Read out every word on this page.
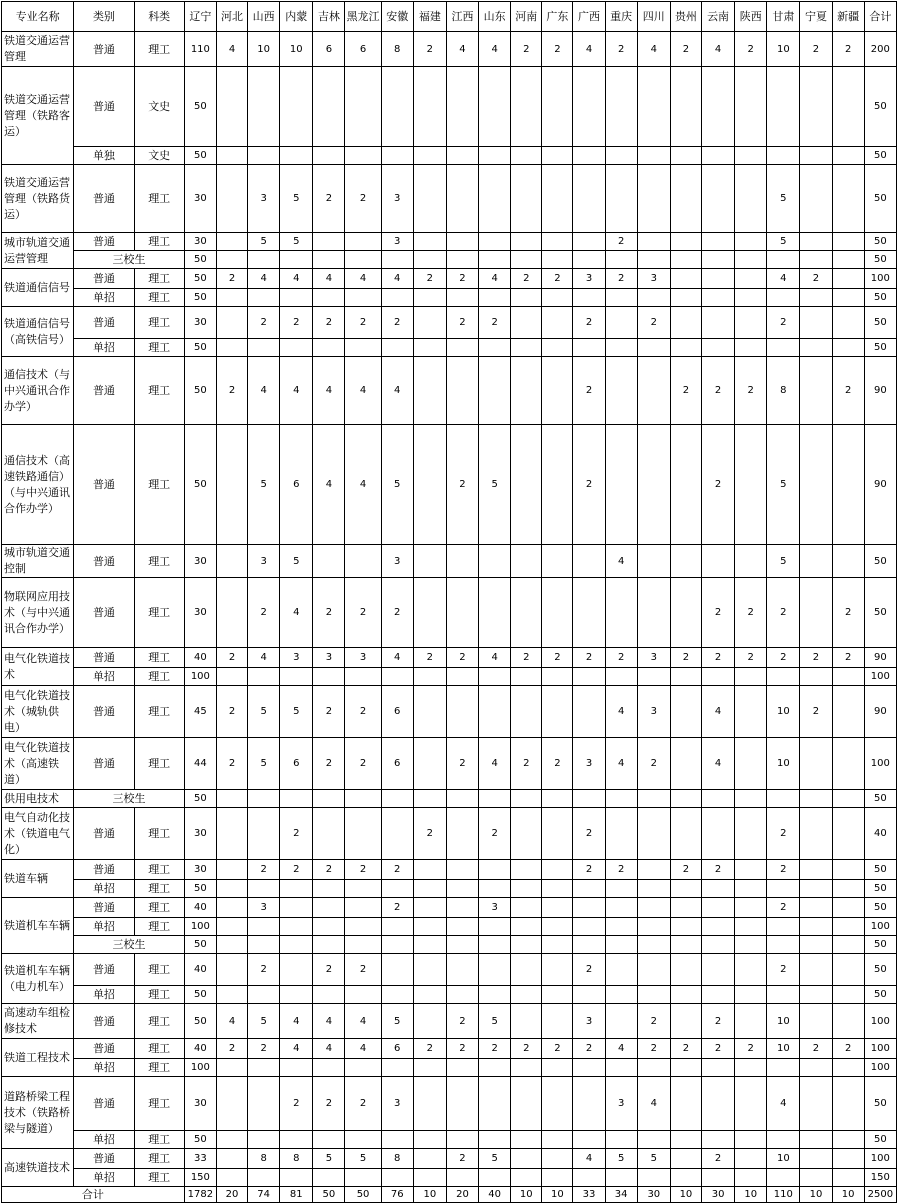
专业名称	类别	科类	辽宁	河北	山西	内蒙	吉林	黑龙江	安徽	福建	江西	山东	河南	广东	广西	重庆	四川	贵州	云南	陕西	甘肃	宁夏	新疆	合计
铁道交通运营管理	普通	理工	110	4	10	10	6	6	8	2	4	4	2	2	4	2	4	2	4	2	10	2	2	200
铁道交通运营管理（铁路客运）	普通	文史	50																					50
	单独	文史	50																					50
铁道交通运营管理（铁路货运）	普通	理工	30		3	5	2	2	3												5			50
城市轨道交通运营管理	普通	理工	30		5	5			3							2					5			50
	三校生		50																					50
铁道通信信号	普通	理工	50	2	4	4	4	4	4	2	2	4	2	2	3	2	3				4	2		100
	单招	理工	50																					50
铁道通信信号（高铁信号）	普通	理工	30		2	2	2	2	2		2	2			2		2				2			50
	单招	理工	50																					50
通信技术（与中兴通讯合作办学）	普通	理工	50	2	4	4	4	4	4						2			2	2	2	8		2	90
通信技术（高速铁路通信）（与中兴通讯合作办学）	普通	理工	50		5	6	4	4	5		2	5			2				2		5			90
城市轨道交通控制	普通	理工	30		3	5			3							4					5			50
物联网应用技术（与中兴通讯合作办学）	普通	理工	30		2	4	2	2	2										2	2	2		2	50
电气化铁道技术	普通	理工	40	2	4	3	3	3	4	2	2	4	2	2	2	2	3	2	2	2	2	2	2	90
	单招	理工	100																					100
电气化铁道技术（城轨供电）	普通	理工	45	2	5	5	2	2	6							4	3		4		10	2		90
电气化铁道技术（高速铁道）	普通	理工	44	2	5	6	2	2	6		2	4	2	2	3	4	2		4		10			100
供用电技术	三校生		50																					50
电气自动化技术（铁道电气化）	普通	理工	30			2				2		2			2						2			40
铁道车辆	普通	理工	30		2	2	2	2	2						2	2		2	2		2			50
	单招	理工	50																					50
铁道机车车辆	普通	理工	40		3				2			3									2			50
	单招	理工	100																					100
	三校生		50																					50
铁道机车车辆（电力机车）	普通	理工	40		2		2	2							2						2			50
	单招	理工	50																					50
高速动车组检修技术	普通	理工	50	4	5	4	4	4	5		2	5			3		2		2		10			100
铁道工程技术	普通	理工	40	2	2	4	4	4	6	2	2	2	2	2	2	4	2	2	2	2	10	2	2	100
	单招	理工	100																					100
道路桥梁工程技术（铁路桥梁与隧道）	普通	理工	30			2	2	2	3							3	4				4			50
	单招	理工	50																					50
高速铁道技术	普通	理工	33		8	8	5	5	8		2	5			4	5	5		2		10			100
	单招	理工	150																					150
合计			1782	20	74	81	50	50	76	10	20	40	10	10	33	34	30	10	30	10	110	10	10	2500
